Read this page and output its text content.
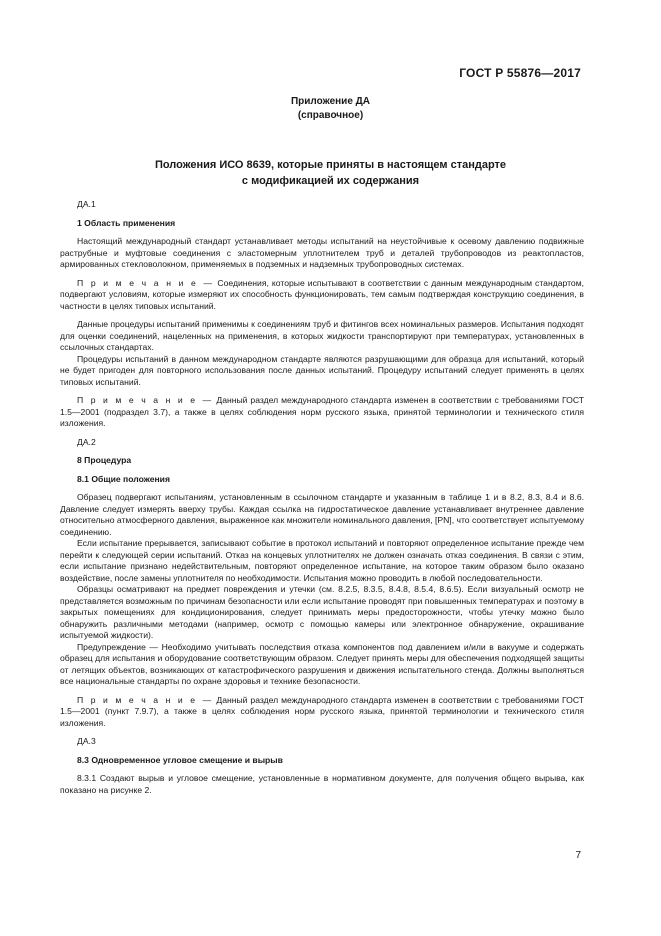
ГОСТ Р 55876—2017
Приложение ДА
(справочное)
Положения ИСО 8639, которые приняты в настоящем стандарте
с модификацией их содержания

ДА.1

1 Область применения

Настоящий международный стандарт устанавливает методы испытаний на неустойчивые к осевому давлению подвижные раструбные и муфтовые соединения с эластомерным уплотнителем труб и деталей трубопроводов из реактопластов, армированных стекловолокном, применяемых в подземных и надземных трубопроводных системах.

П р и м е ч а н и е — Соединения, которые испытывают в соответствии с данным международным стандартом, подвергают условиям, которые измеряют их способность функционировать, тем самым подтверждая конструкцию соединения, в частности в целях типовых испытаний.

Данные процедуры испытаний применимы к соединениям труб и фитингов всех номинальных размеров. Испытания подходят для оценки соединений, нацеленных на применения, в которых жидкости транспортируют при температурах, установленных в ссылочных стандартах.

Процедуры испытаний в данном международном стандарте являются разрушающими для образца для испытаний, который не будет пригоден для повторного использования после данных испытаний. Процедуру испытаний следует применять в целях типовых испытаний.

П р и м е ч а н и е — Данный раздел международного стандарта изменен в соответствии с требованиями ГОСТ 1.5—2001 (подраздел 3.7), а также в целях соблюдения норм русского языка, принятой терминологии и технического стиля изложения.

ДА.2

8 Процедура

8.1 Общие положения

Образец подвергают испытаниям, установленным в ссылочном стандарте и указанным в таблице 1 и в 8.2, 8.3, 8.4 и 8.6. Давление следует измерять вверху трубы. Каждая ссылка на гидростатическое давление устанавливает внутреннее давление относительно атмосферного давления, выраженное как множители номинального давления, [PN], что соответствует испытуемому соединению.

Если испытание прерывается, записывают событие в протокол испытаний и повторяют определенное испытание прежде чем перейти к следующей серии испытаний. Отказ на концевых уплотнителях не должен означать отказ соединения. В связи с этим, если испытание признано недействительным, повторяют определенное испытание, на которое таким образом было оказано воздействие, после замены уплотнителя по необходимости. Испытания можно проводить в любой последовательности.

Образцы осматривают на предмет повреждения и утечки (см. 8.2.5, 8.3.5, 8.4.8, 8.5.4, 8.6.5). Если визуальный осмотр не представляется возможным по причинам безопасности или если испытание проводят при повышенных температурах и поэтому в закрытых помещениях для кондиционирования, следует принимать меры предосторожности, чтобы утечку можно было обнаружить различными методами (например, осмотр с помощью камеры или электронное обнаружение, окрашивание испытуемой жидкости).

Предупреждение — Необходимо учитывать последствия отказа компонентов под давлением и/или в вакууме и содержать образец для испытания и оборудование соответствующим образом. Следует принять меры для обеспечения подходящей защиты от летящих объектов, возникающих от катастрофического разрушения и движения испытательного стенда. Должны выполняться все национальные стандарты по охране здоровья и технике безопасности.

П р и м е ч а н и е — Данный раздел международного стандарта изменен в соответствии с требованиями ГОСТ 1.5—2001 (пункт 7.9.7), а также в целях соблюдения норм русского языка, принятой терминологии и технического стиля изложения.

ДА.3

8.3 Одновременное угловое смещение и вырыв

8.3.1 Создают вырыв и угловое смещение, установленные в нормативном документе, для получения общего вырыва, как показано на рисунке 2.

7
